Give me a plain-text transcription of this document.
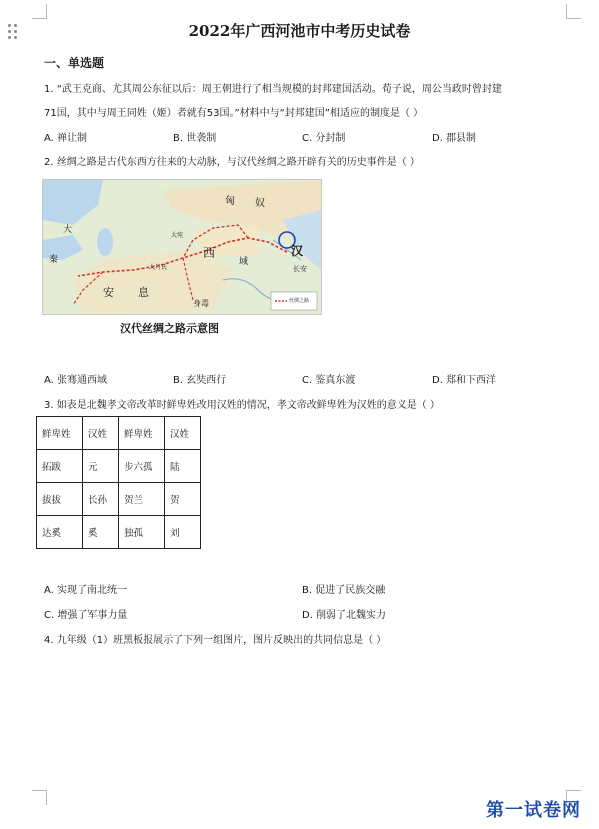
2022年广西河池市中考历史试卷
一、单选题
1. “武王克商、尤其周公东征以后：周王朝进行了相当规模的封邦建国活动。荀子说，周公当政时曾封建
71国，其中与周王同姓（姬）者就有53国。”材料中与“封邦建国”相适应的制度是（ ）
A. 禅让制	B. 世袭制	C. 分封制	D. 郡县制
2. 丝绸之路是古代东西方往来的大动脉，与汉代丝绸之路开辟有关的历史事件是（ ）
匈 奴
汉
长安
西
域
安 息
大
秦
大宛
大月氏
身毒	丝绸之路
汉代丝绸之路示意图
A. 张骞通西域	B. 玄奘西行	C. 鉴真东渡	D. 郑和下西洋
3. 如表是北魏孝文帝改革时鲜卑姓改用汉姓的情况，孝文帝改鲜卑姓为汉姓的意义是（ ）
鲜卑姓	汉姓	鲜卑姓	汉姓
拓跋	元	步六孤	陆
拔拔	长孙	贺兰	贺
达奚	奚	独孤	刘
A. 实现了南北统一	B. 促进了民族交融
C. 增强了军事力量	D. 削弱了北魏实力
4. 九年级（1）班黑板报展示了下列一组图片，图片反映出的共同信息是（ ）
第一试卷网
